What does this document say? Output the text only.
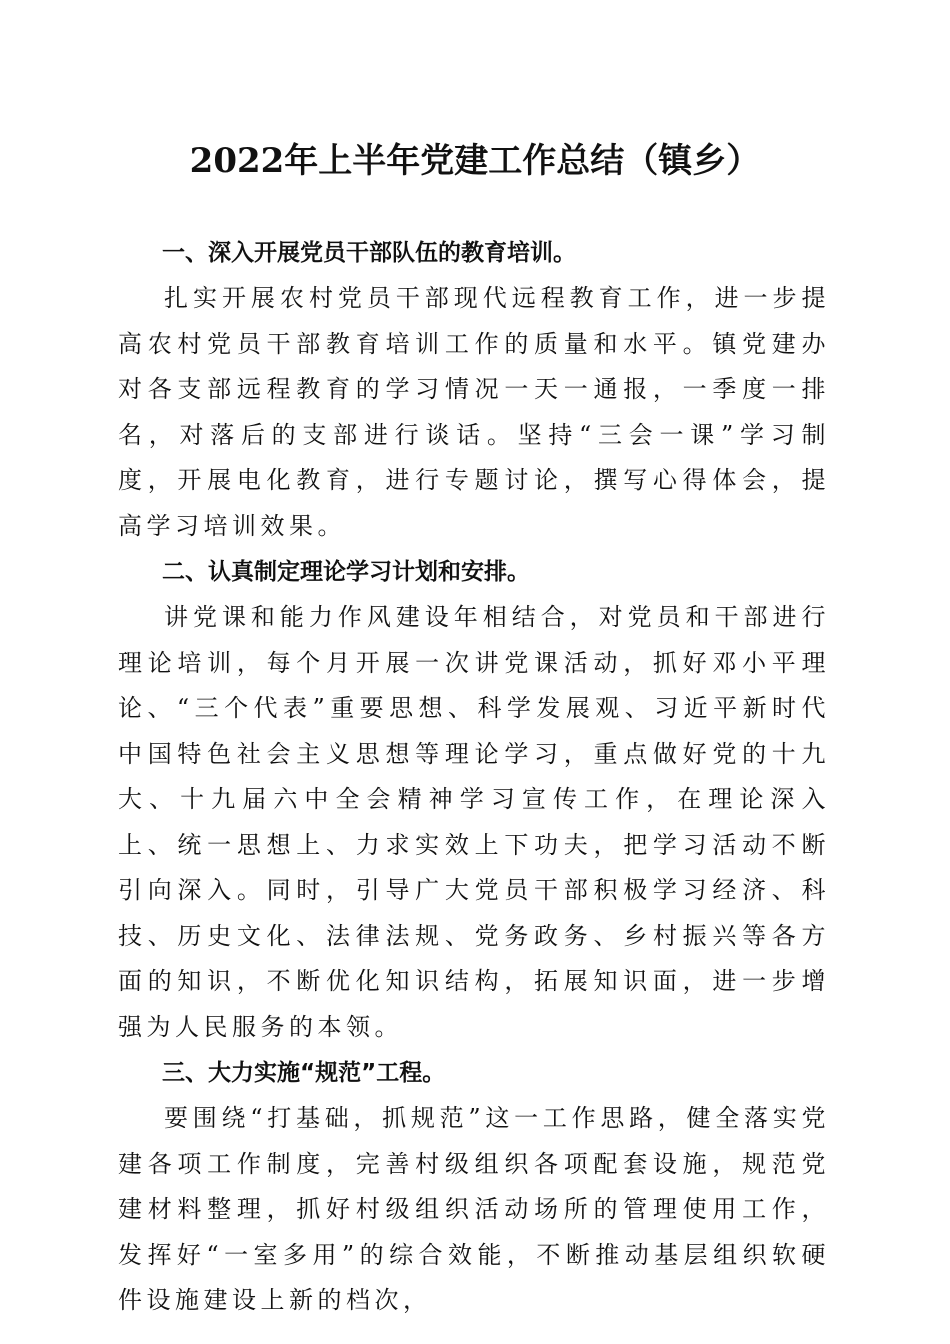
2022年上半年党建工作总结（镇乡）
一、深入开展党员干部队伍的教育培训。

扎实开展农村党员干部现代远程教育工作，进一步提高农村党员干部教育培训工作的质量和水平。镇党建办对各支部远程教育的学习情况一天一通报，一季度一排名，对落后的支部进行谈话。坚持“三会一课”学习制度，开展电化教育，进行专题讨论，撰写心得体会，提高学习培训效果。

二、认真制定理论学习计划和安排。

讲党课和能力作风建设年相结合，对党员和干部进行理论培训，每个月开展一次讲党课活动，抓好邓小平理论、“三个代表”重要思想、科学发展观、习近平新时代中国特色社会主义思想等理论学习，重点做好党的十九大、十九届六中全会精神学习宣传工作，在理论深入上、统一思想上、力求实效上下功夫，把学习活动不断引向深入。同时，引导广大党员干部积极学习经济、科技、历史文化、法律法规、党务政务、乡村振兴等各方面的知识，不断优化知识结构，拓展知识面，进一步增强为人民服务的本领。

三、大力实施“规范”工程。

要围绕“打基础，抓规范”这一工作思路，健全落实党建各项工作制度，完善村级组织各项配套设施，规范党建材料整理，抓好村级组织活动场所的管理使用工作，发挥好“一室多用”的综合效能，不断推动基层组织软硬件设施建设上新的档次，
